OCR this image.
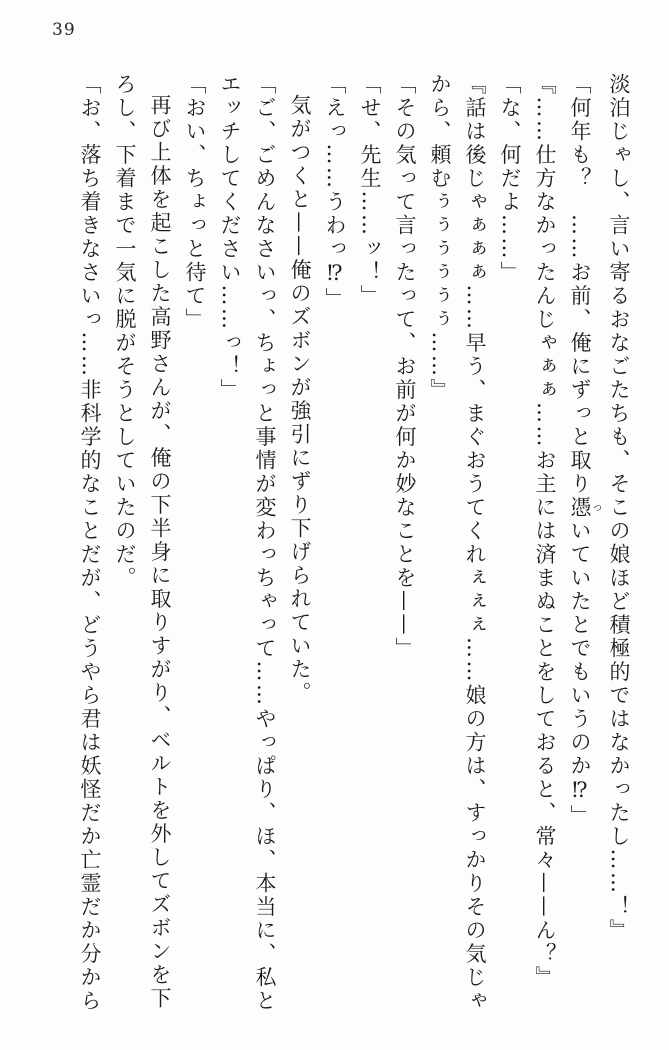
39

淡泊じゃし、言い寄るおなごたちも、そこの娘ほど積極的ではなかったし……！』

「何年も？　……お前、俺にずっと取り憑 ついていたとでもいうのか⁉」

『……仕方なかったんじゃぁぁ……お主には済まぬことをしておると、常々——ん？』

「な、何だよ……」

『話は後じゃぁぁぁ……早う、まぐおうてくれぇぇぇ……娘の方は、すっかりその気じゃから、頼むぅぅぅぅぅぅ……』

「その気って言ったって、お前が何か妙なことを——」

「せ、先生……ッ！」

「えっ……うわっ⁉」

気がつくと——俺のズボンが強引にずり下げられていた。

「ご、ごめんなさいっ、ちょっと事情が変わっちゃって……やっぱり、ほ、本当に、私とエッチしてください……っ！」

「おい、ちょっと待て」

再び上体を起こした高野さんが、俺の下半身に取りすがり、ベルトを外してズボンを下ろし、下着まで一気に脱がそうとしていたのだ。

「お、落ち着きなさいっ……非科学的なことだが、どうやら君は妖怪だか亡霊だか分から
